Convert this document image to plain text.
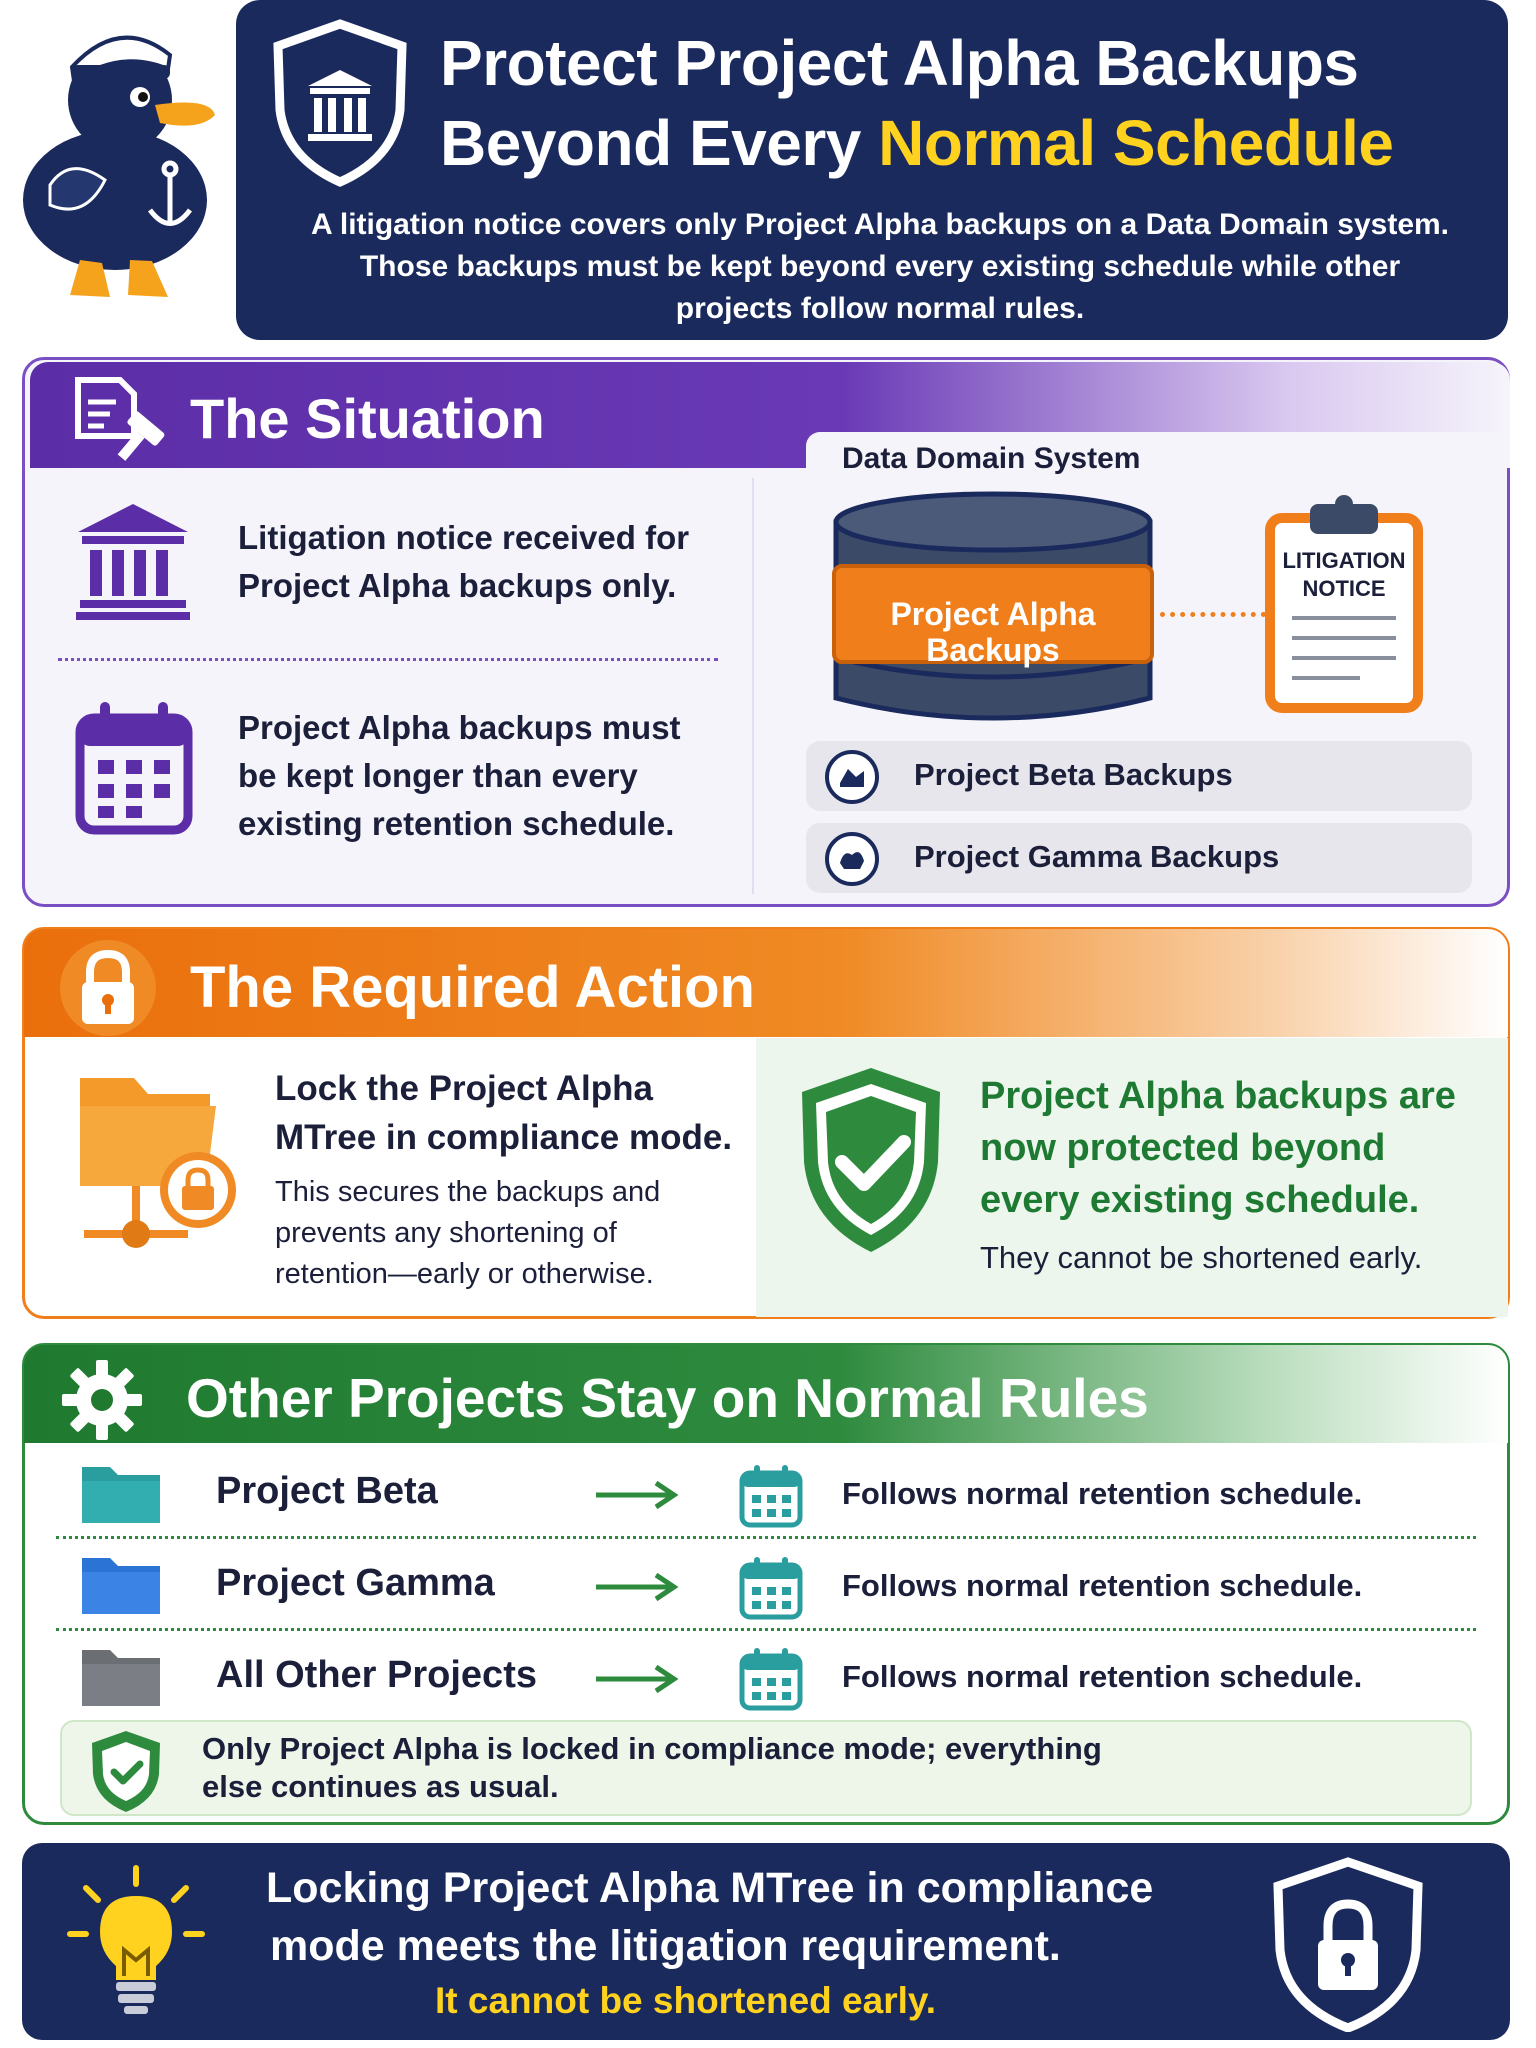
Protect Project Alpha Backups
Beyond Every Normal Schedule
A litigation notice covers only Project Alpha backups on a Data Domain system. Those backups must be kept beyond every existing schedule while other projects follow normal rules.
The Situation
Litigation notice received for Project Alpha backups only.
Project Alpha backups must be kept longer than every existing retention schedule.
Data Domain System
Project Alpha
Backups
LITIGATION
NOTICE
Project Beta Backups
Project Gamma Backups
The Required Action
Lock the Project Alpha MTree in compliance mode.
This secures the backups and prevents any shortening of retention—early or otherwise.
Project Alpha backups are now protected beyond every existing schedule.
They cannot be shortened early.
Other Projects Stay on Normal Rules
Project Beta	Follows normal retention schedule.
Project Gamma	Follows normal retention schedule.
All Other Projects	Follows normal retention schedule.
Only Project Alpha is locked in compliance mode; everything else continues as usual.
Locking Project Alpha MTree in compliance
mode meets the litigation requirement.
It cannot be shortened early.
